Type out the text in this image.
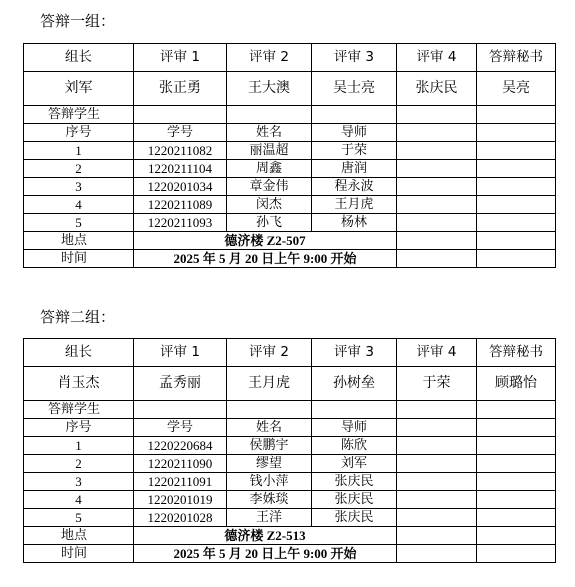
答辩一组：
组长	评审 1	评审 2	评审 3	评审 4	答辩秘书
刘军	张正勇	王大澳	吴士亮	张庆民	吴亮
答辩学生					
序号	学号	姓名	导师		
1	1220211082	丽温超	于荣		
2	1220211104	周鑫	唐润		
3	1220201034	章金伟	程永波		
4	1220211089	闵杰	王月虎		
5	1220211093	孙飞	杨林		
地点	德济楼 Z2-507				
时间	2025 年 5 月 20 日上午 9:00 开始				
答辩二组：
组长	评审 1	评审 2	评审 3	评审 4	答辩秘书
肖玉杰	孟秀丽	王月虎	孙树垒	于荣	顾璐怡
答辩学生					
序号	学号	姓名	导师		
1	1220220684	侯鹏宇	陈欣		
2	1220211090	缪望	刘军		
3	1220211091	钱小萍	张庆民		
4	1220201019	李姝琰	张庆民		
5	1220201028	王洋	张庆民		
地点	德济楼 Z2-513				
时间	2025 年 5 月 20 日上午 9:00 开始				
